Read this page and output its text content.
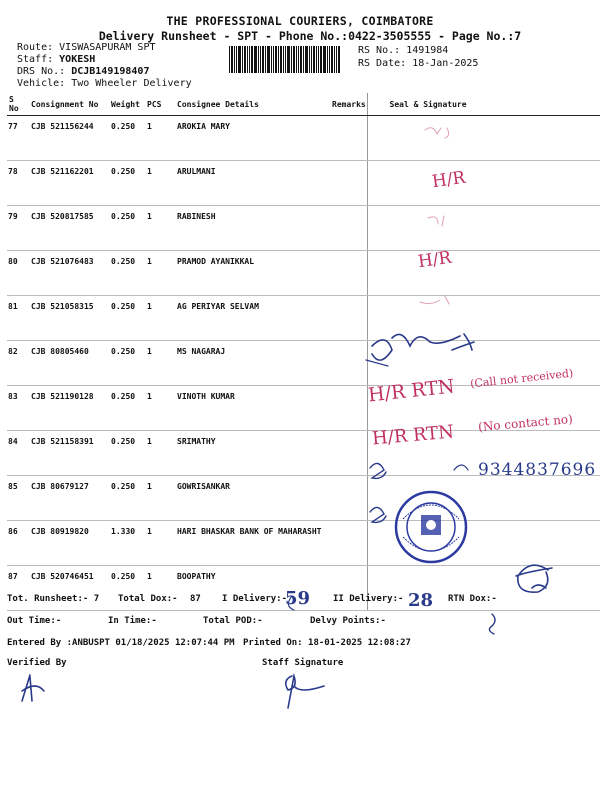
THE PROFESSIONAL COURIERS, COIMBATORE
Delivery Runsheet - SPT - Phone No.:0422-3505555 - Page No.:7
Route: VISWASAPURAM SPT
Staff: YOKESH
DRS No.: DCJB149198407
Vehicle: Two Wheeler Delivery
RS No.: 1491984
RS Date: 18-Jan-2025
S No	Consignment No	Weight	PCS	Consignee Details	Remarks	Seal & Signature
77	CJB 521156244	0.250	1	AROKIA MARY		
78	CJB 521162201	0.250	1	ARULMANI		
79	CJB 520817585	0.250	1	RABINESH		
80	CJB 521076483	0.250	1	PRAMOD AYANIKKAL		
81	CJB 521058315	0.250	1	AG PERIYAR SELVAM		
82	CJB 80805460	0.250	1	MS NAGARAJ		
83	CJB 521190128	0.250	1	VINOTH KUMAR		
84	CJB 521158391	0.250	1	SRIMATHY		
85	CJB 80679127	0.250	1	GOWRISANKAR		
86	CJB 80919820	1.330	1	HARI BHASKAR BANK OF MAHARASHT		
87	CJB 520746451	0.250	1	BOOPATHY		
H/R
H/R
H/R RTN (Call not received)
H/R RTN (No contact no)
9344837696
Tot. Runsheet:- 7 Total Dox:- 87 I Delivery:-
59	II Delivery:- 28 RTN Dox:-
Out Time:-	In Time:-	Total POD:-	Delvy Points:-
Entered By :ANBUSPT 01/18/2025 12:07:44 PM Printed On: 18-01-2025 12:08:27
Verified By	Staff Signature
